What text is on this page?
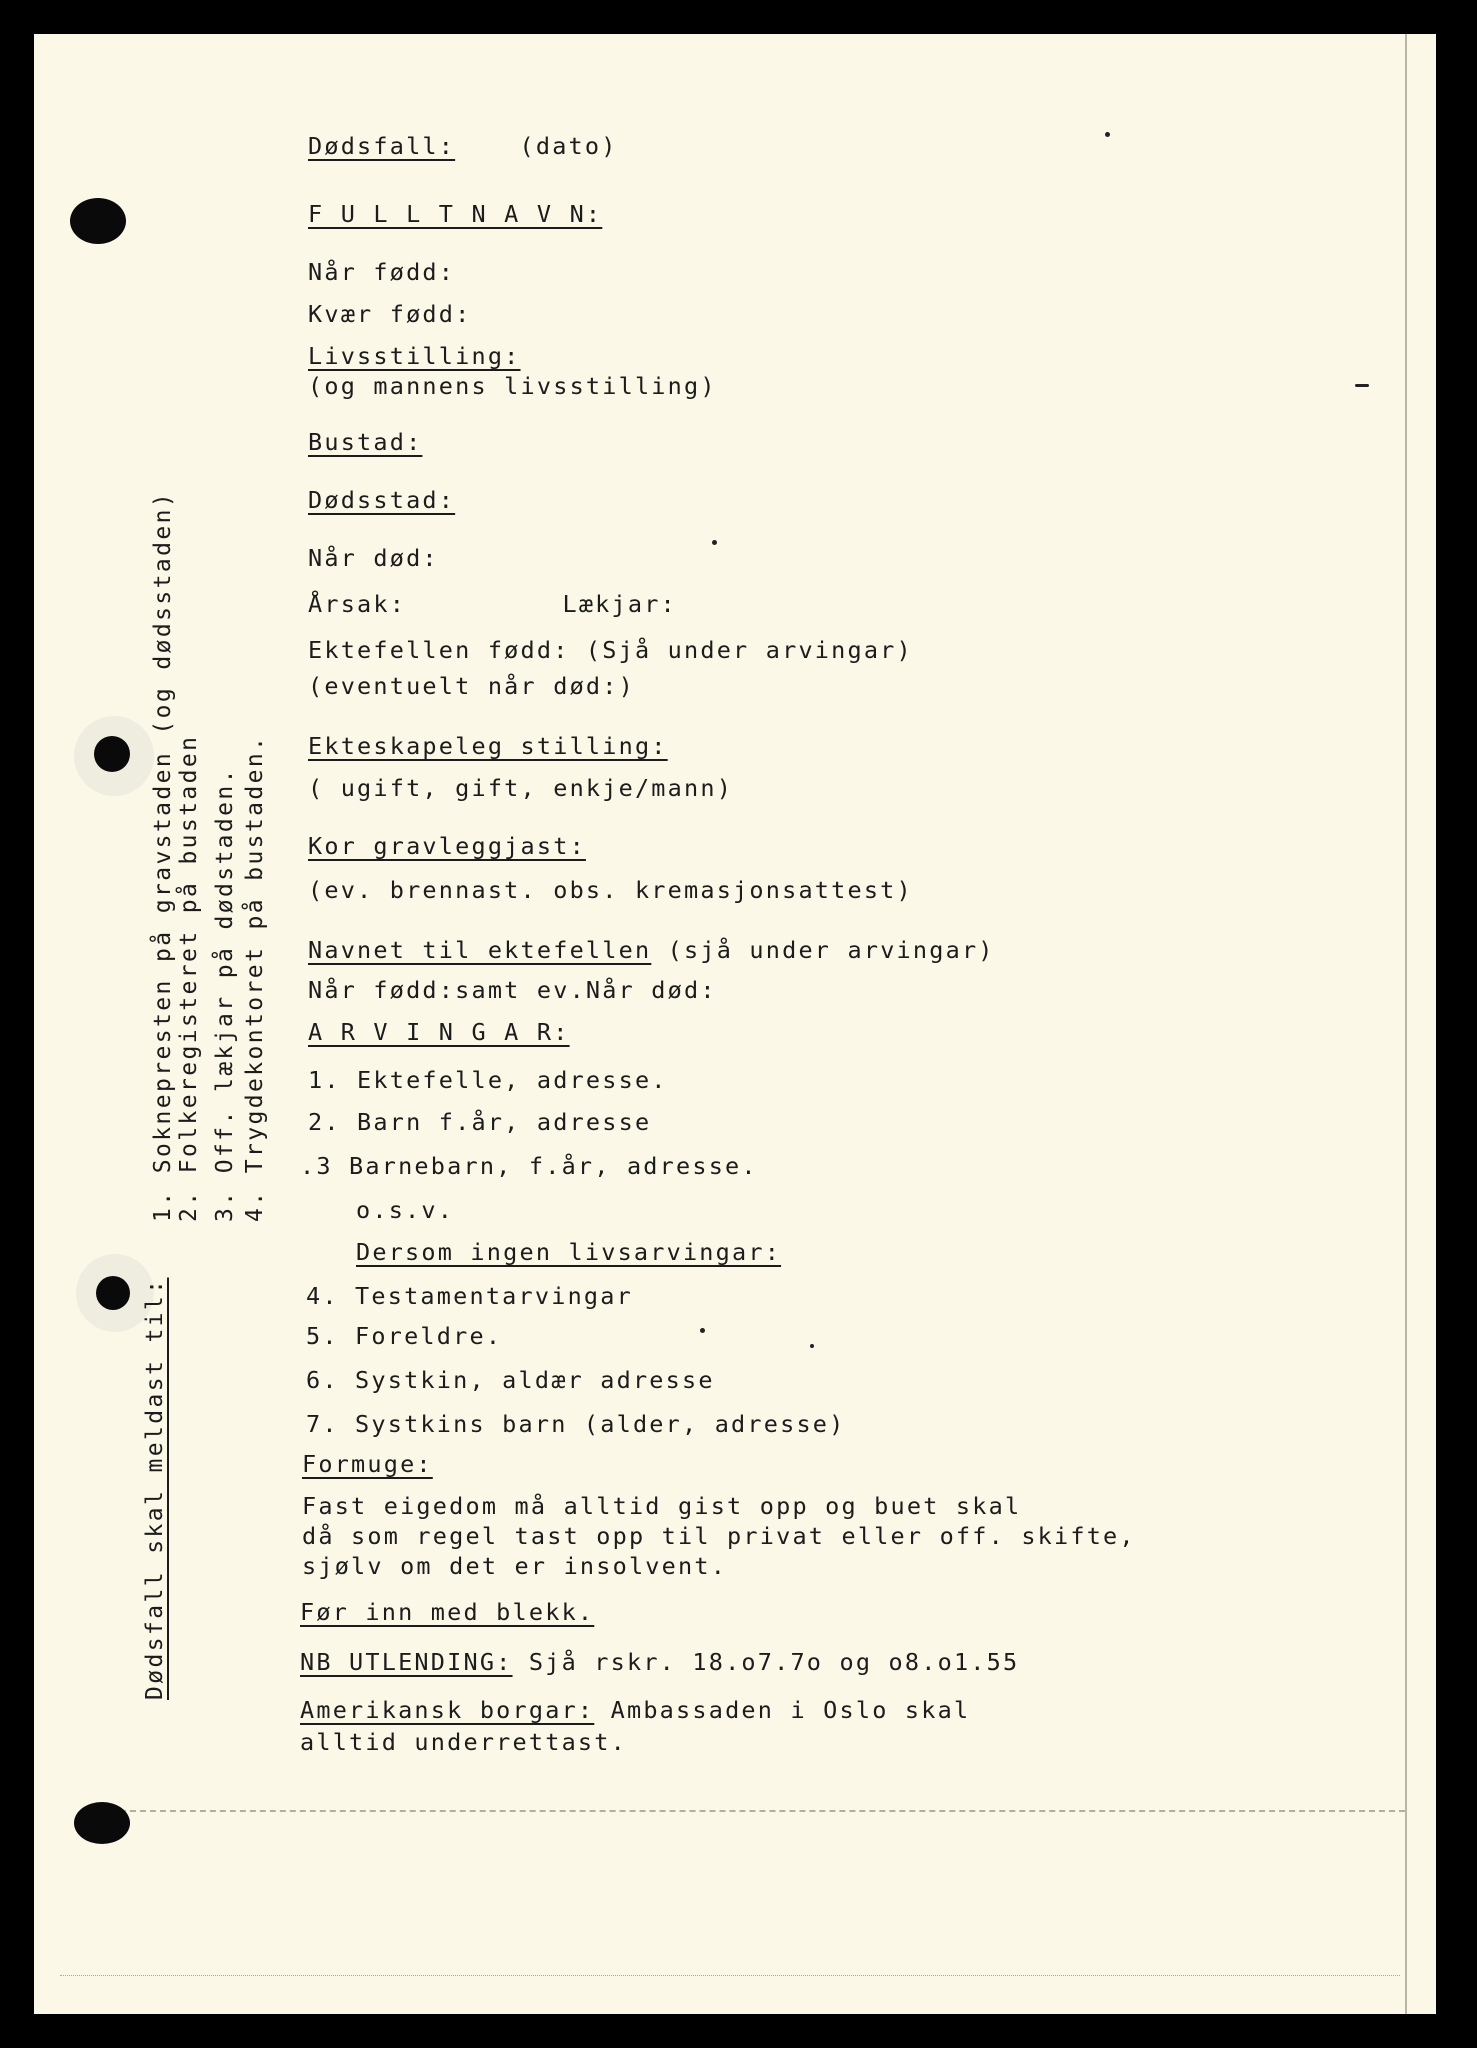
Dødsfall:	(dato)
F U L L T N A V N:
Når fødd:
Kvær fødd:
Livsstilling:
(og mannens livsstilling)
Bustad:
Dødsstad:
Når død:
Årsak:	Lækjar:
Ektefellen fødd: (Sjå under arvingar)
(eventuelt når død:)
Ekteskapeleg stilling:
( ugift, gift, enkje/mann)
Kor gravleggjast:
(ev. brennast. obs. kremasjonsattest)
Navnet til ektefellen (sjå under arvingar)
Når fødd:samt ev.Når død:
A R V I N G A R:
1. Ektefelle, adresse.
2. Barn f.år, adresse
.3 Barnebarn, f.år, adresse.
o.s.v.
Dersom ingen livsarvingar:
4. Testamentarvingar
5. Foreldre.
6. Systkin, aldær adresse
7. Systkins barn (alder, adresse)
Formuge:
Fast eigedom må alltid gist opp og buet skal
då som regel tast opp til privat eller off. skifte,
sjølv om det er insolvent.
Før inn med blekk.
NB UTLENDING: Sjå rskr. 18.o7.7o og o8.o1.55
Amerikansk borgar: Ambassaden i Oslo skal
alltid underrettast.
Dødsfall skal meldast til:
1. Soknepresten på gravstaden (og dødsstaden) 2. Folkeregisteret på bustaden 3. Off. lækjar på dødstaden. 4. Trygdekontoret på bustaden.
